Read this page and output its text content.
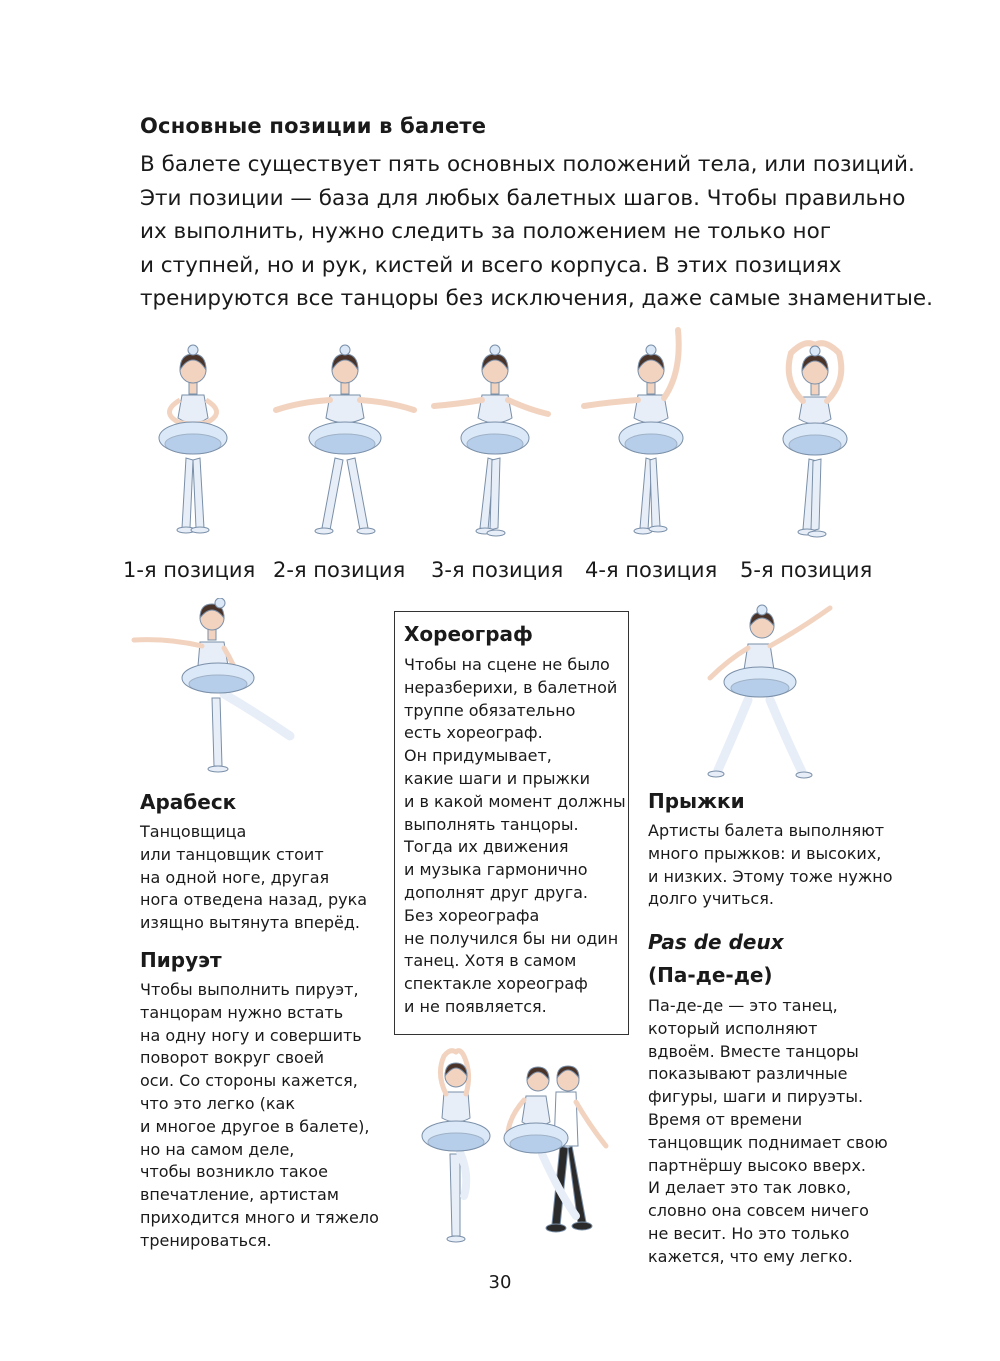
Основные позиции в балете
В балете существует пять основных положений тела, или позиций.
Эти позиции — база для любых балетных шагов. Чтобы правильно
их выполнить, нужно следить за положением не только ног
и ступней, но и рук, кистей и всего корпуса. В этих позициях
тренируются все танцоры без исключения, даже самые знаменитые.
1-я позиция 2-я позиция 3-я позиция 4-я позиция 5-я позиция
Арабеск
Танцовщица
или танцовщик стоит
на одной ноге, другая
нога отведена назад, рука
изящно вытянута вперёд.
Пируэт
Чтобы выполнить пируэт,
танцорам нужно встать
на одну ногу и совершить
поворот вокруг своей
оси. Со стороны кажется,
что это легко (как
и многое другое в балете),
но на самом деле,
чтобы возникло такое
впечатление, артистам
приходится много и тяжело
тренироваться.
Хореограф
Чтобы на сцене не было
неразберихи, в балетной
труппе обязательно
есть хореограф.
Он придумывает,
какие шаги и прыжки
и в какой момент должны
выполнять танцоры.
Тогда их движения
и музыка гармонично
дополнят друг друга.
Без хореографа
не получился бы ни один
танец. Хотя в самом
спектакле хореограф
и не появляется.
Прыжки
Артисты балета выполняют
много прыжков: и высоких,
и низких. Этому тоже нужно
долго учиться.
Pas de deux
(Па-де-де)
Па-де-де — это танец,
который исполняют
вдвоём. Вместе танцоры
показывают различные
фигуры, шаги и пируэты.
Время от времени
танцовщик поднимает свою
партнёршу высоко вверх.
И делает это так ловко,
словно она совсем ничего
не весит. Но это только
кажется, что ему легко.
30
